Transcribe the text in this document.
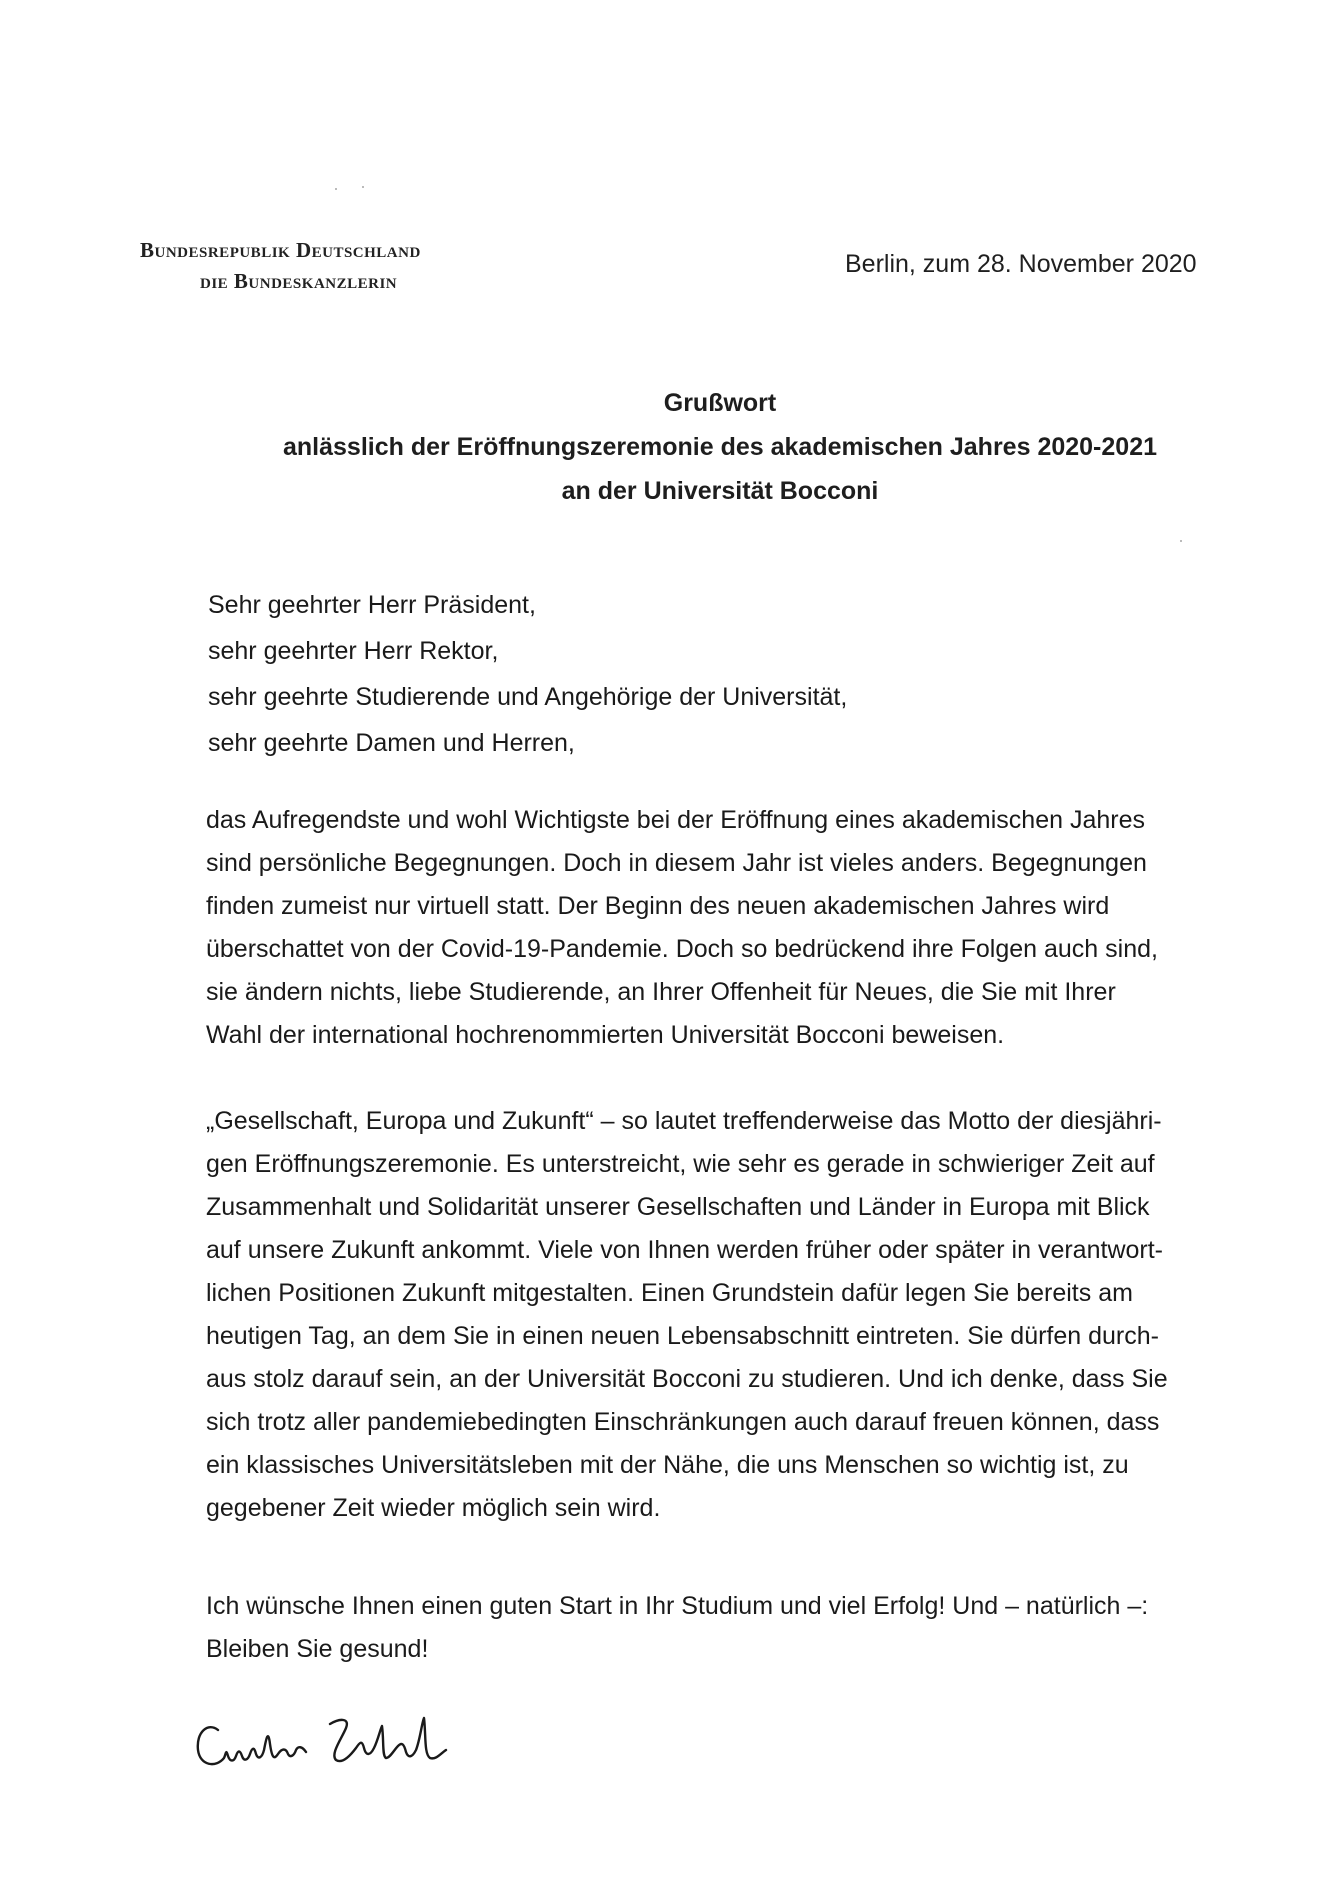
Bundesrepublik Deutschland
die Bundeskanzlerin
Berlin, zum 28. November 2020
Grußwort
anlässlich der Eröffnungszeremonie des akademischen Jahres 2020-2021
an der Universität Bocconi
Sehr geehrter Herr Präsident,
sehr geehrter Herr Rektor,
sehr geehrte Studierende und Angehörige der Universität,
sehr geehrte Damen und Herren,
das Aufregendste und wohl Wichtigste bei der Eröffnung eines akademischen Jahres
sind persönliche Begegnungen. Doch in diesem Jahr ist vieles anders. Begegnungen
finden zumeist nur virtuell statt. Der Beginn des neuen akademischen Jahres wird
überschattet von der Covid-19-Pandemie. Doch so bedrückend ihre Folgen auch sind,
sie ändern nichts, liebe Studierende, an Ihrer Offenheit für Neues, die Sie mit Ihrer
Wahl der international hochrenommierten Universität Bocconi beweisen.
„Gesellschaft, Europa und Zukunft“ – so lautet treffenderweise das Motto der diesjähri-
gen Eröffnungszeremonie. Es unterstreicht, wie sehr es gerade in schwieriger Zeit auf
Zusammenhalt und Solidarität unserer Gesellschaften und Länder in Europa mit Blick
auf unsere Zukunft ankommt. Viele von Ihnen werden früher oder später in verantwort-
lichen Positionen Zukunft mitgestalten. Einen Grundstein dafür legen Sie bereits am
heutigen Tag, an dem Sie in einen neuen Lebensabschnitt eintreten. Sie dürfen durch-
aus stolz darauf sein, an der Universität Bocconi zu studieren. Und ich denke, dass Sie
sich trotz aller pandemiebedingten Einschränkungen auch darauf freuen können, dass
ein klassisches Universitätsleben mit der Nähe, die uns Menschen so wichtig ist, zu
gegebener Zeit wieder möglich sein wird.
Ich wünsche Ihnen einen guten Start in Ihr Studium und viel Erfolg! Und – natürlich –:
Bleiben Sie gesund!
